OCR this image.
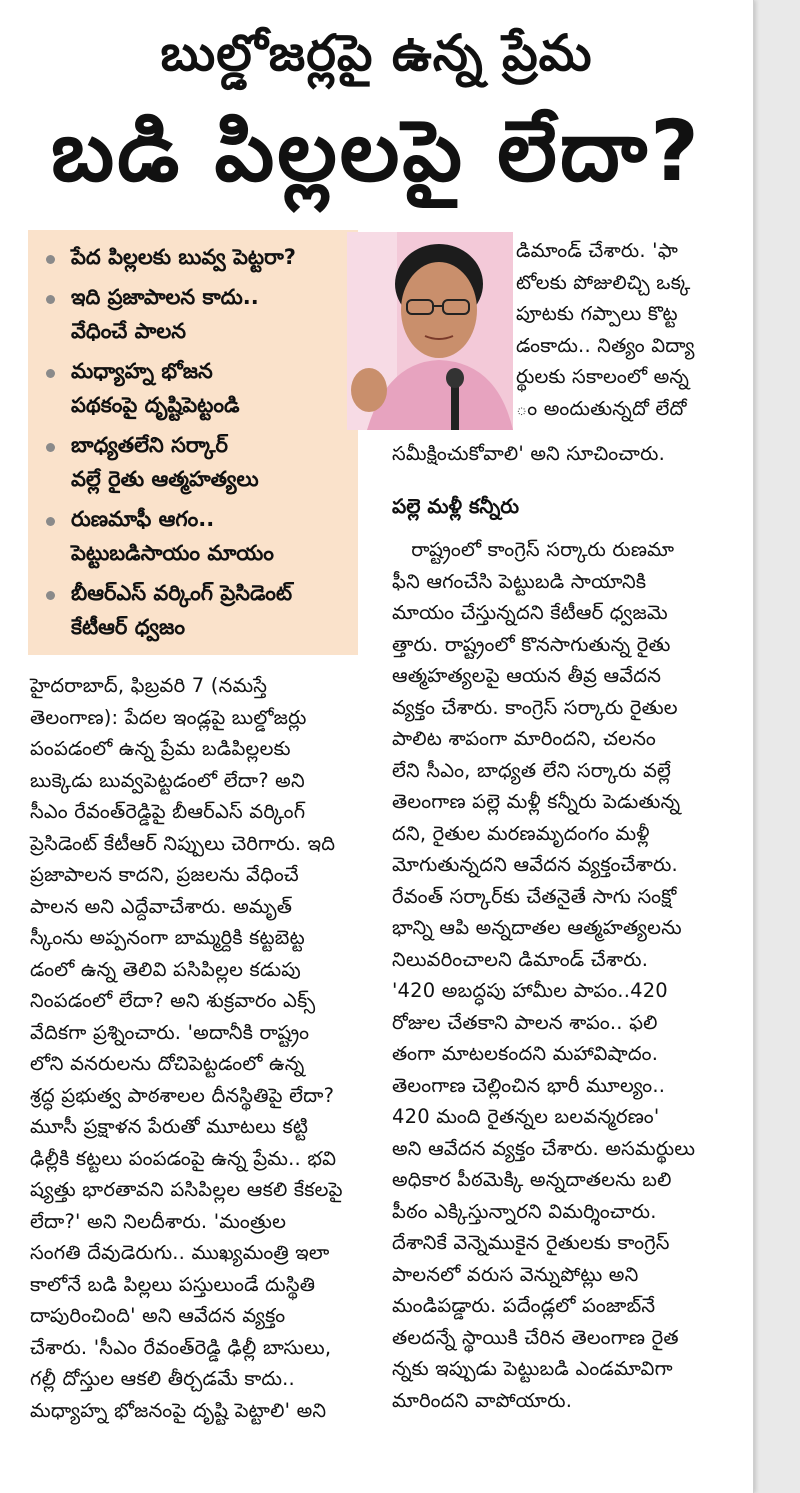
బుల్డోజర్లపై ఉన్న ప్రేమ
బడి పిల్లలపై లేదా?
పేద పిల్లలకు బువ్వ పెట్టరా?
ఇది ప్రజాపాలన కాదు..
వేధించే పాలన
మధ్యాహ్న భోజన
పథకంపై దృష్టిపెట్టండి
బాధ్యతలేని సర్కార్
వల్లే రైతు ఆత్మహత్యలు
రుణమాఫీ ఆగం..
పెట్టుబడిసాయం మాయం
బీఆర్ఎస్ వర్కింగ్ ప్రెసిడెంట్
కేటీఆర్ ధ్వజం
డిమాండ్ చేశారు. 'ఫా
టోలకు పోజులిచ్చి ఒక్క
పూటకు గప్పాలు కొట్ట
డంకాదు.. నిత్యం విద్యా
ర్థులకు సకాలంలో అన్న
ం అందుతున్నదో లేదో
సమీక్షించుకోవాలి' అని సూచించారు.
పల్లె మళ్లీ కన్నీరు
రాష్ట్రంలో కాంగ్రెస్ సర్కారు రుణమా
ఫీని ఆగంచేసి పెట్టుబడి సాయానికి
మాయం చేస్తున్నదని కేటీఆర్ ధ్వజమె
త్తారు. రాష్ట్రంలో కొనసాగుతున్న రైతు
ఆత్మహత్యలపై ఆయన తీవ్ర ఆవేదన
వ్యక్తం చేశారు. కాంగ్రెస్ సర్కారు రైతుల
పాలిట శాపంగా మారిందని, చలనం
లేని సీఎం, బాధ్యత లేని సర్కారు వల్లే
తెలంగాణ పల్లె మళ్లీ కన్నీరు పెడుతున్న
దని, రైతుల మరణమృదంగం మళ్లీ
మోగుతున్నదని ఆవేదన వ్యక్తంచేశారు.
రేవంత్ సర్కార్‌కు చేతనైతే సాగు సంక్షో
భాన్ని ఆపి అన్నదాతల ఆత్మహత్యలను
నిలువరించాలని డిమాండ్ చేశారు.
'420 అబద్ధపు హామీల పాపం..420
రోజుల చేతకాని పాలన శాపం.. ఫలి
తంగా మాటలకందని మహావిషాదం.
తెలంగాణ చెల్లించిన భారీ మూల్యం..
420 మంది రైతన్నల బలవన్మరణం'
అని ఆవేదన వ్యక్తం చేశారు. అసమర్థులు
అధికార పీఠమెక్కి అన్నదాతలను బలి
పీఠం ఎక్కిస్తున్నారని విమర్శించారు.
దేశానికే వెన్నెముకైన రైతులకు కాంగ్రెస్
పాలనలో వరుస వెన్నుపోట్లు అని
మండిపడ్డారు. పదేండ్లలో పంజాబ్‌నే
తలదన్నే స్థాయికి చేరిన తెలంగాణ రైత
న్నకు ఇప్పుడు పెట్టుబడి ఎండమావిగా
మారిందని వాపోయారు.
హైదరాబాద్, ఫిబ్రవరి 7 (నమస్తే
తెలంగాణ): పేదల ఇండ్లపై బుల్డోజర్లు
పంపడంలో ఉన్న ప్రేమ బడిపిల్లలకు
బుక్కెడు బువ్వపెట్టడంలో లేదా? అని
సీఎం రేవంత్‌రెడ్డిపై బీఆర్ఎస్ వర్కింగ్
ప్రెసిడెంట్ కేటీఆర్ నిప్పులు చెరిగారు. ఇది
ప్రజాపాలన కాదని, ప్రజలను వేధించే
పాలన అని ఎద్దేవాచేశారు. అమృత్
స్కీంను అప్పనంగా బామ్మర్దికి కట్టబెట్ట
డంలో ఉన్న తెలివి పసిపిల్లల కడుపు
నింపడంలో లేదా? అని శుక్రవారం ఎక్స్
వేదికగా ప్రశ్నించారు. 'అదానీకి రాష్ట్రం
లోని వనరులను దోచిపెట్టడంలో ఉన్న
శ్రద్ధ ప్రభుత్వ పాఠశాలల దీనస్థితిపై లేదా?
మూసీ ప్రక్షాళన పేరుతో మూటలు కట్టి
ఢిల్లీకి కట్టలు పంపడంపై ఉన్న ప్రేమ.. భవి
ష్యత్తు భారతావని పసిపిల్లల ఆకలి కేకలపై
లేదా?' అని నిలదీశారు. 'మంత్రుల
సంగతి దేవుడెరుగు.. ముఖ్యమంత్రి ఇలా
కాలోనే బడి పిల్లలు పస్తులుండే దుస్థితి
దాపురించింది' అని ఆవేదన వ్యక్తం
చేశారు. 'సీఎం రేవంత్‌రెడ్డి ఢిల్లీ బాసులు,
గల్లీ దోస్తుల ఆకలి తీర్చడమే కాదు..
మధ్యాహ్న భోజనంపై దృష్టి పెట్టాలి' అని
